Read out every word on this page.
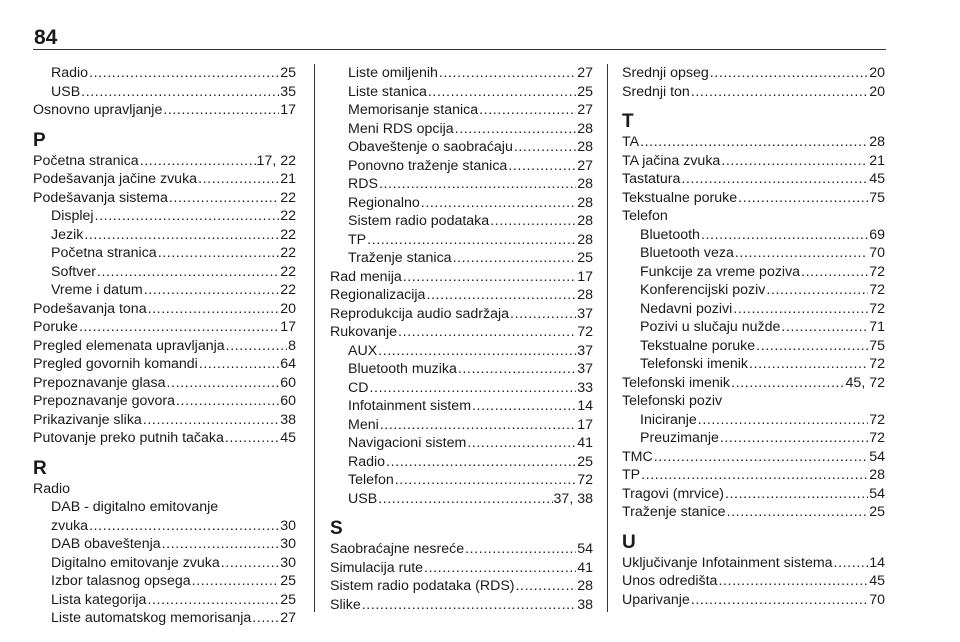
84
Radio .....	25
USB .....	35
Osnovno upravljanje .....	17
P
Početna stranica .....	17, 22
Podešavanja jačine zvuka .....	21
Podešavanja sistema .....	22
Displej .....	22
Jezik .....	22
Početna stranica .....	22
Softver .....	22
Vreme i datum .....	22
Podešavanja tona .....	20
Poruke .....	17
Pregled elemenata upravljanja .....	8
Pregled govornih komandi .....	64
Prepoznavanje glasa .....	60
Prepoznavanje govora .....	60
Prikazivanje slika .....	38
Putovanje preko putnih tačaka .....	45
R
Radio
DAB - digitalno emitovanje
zvuka .....	30
DAB obaveštenja .....	30
Digitalno emitovanje zvuka .....	30
Izbor talasnog opsega .....	25
Lista kategorija .....	25
Liste automatskog memorisanja ..... 27
Liste omiljenih .....	27
Liste stanica .....	25
Memorisanje stanica .....	27
Meni RDS opcija .....	28
Obaveštenje o saobraćaju .....	28
Ponovno traženje stanica .....	27
RDS .....	28
Regionalno .....	28
Sistem radio podataka .....	28
TP .....	28
Traženje stanica .....	25
Rad menija .....	17
Regionalizacija .....	28
Reprodukcija audio sadržaja .....	37
Rukovanje .....	72
AUX .....	37
Bluetooth muzika .....	37
CD .....	33
Infotainment sistem .....	14
Meni .....	17
Navigacioni sistem .....	41
Radio .....	25
Telefon .....	72
USB .....	37, 38
S
Saobraćajne nesreće .....	54
Simulacija rute .....	41
Sistem radio podataka (RDS) .....	28
Slike .....	38
Srednji opseg .....	20
Srednji ton .....	20
T
TA .....	28
TA jačina zvuka .....	21
Tastatura .....	45
Tekstualne poruke .....	75
Telefon
Bluetooth .....	69
Bluetooth veza .....	70
Funkcije za vreme poziva .....	72
Konferencijski poziv .....	72
Nedavni pozivi .....	72
Pozivi u slučaju nužde .....	71
Tekstualne poruke .....	75
Telefonski imenik .....	72
Telefonski imenik .....	45, 72
Telefonski poziv
Iniciranje .....	72
Preuzimanje .....	72
TMC .....	54
TP .....	28
Tragovi (mrvice) .....	54
Traženje stanice .....	25
U
Uključivanje Infotainment sistema .....	14
Unos odredišta .....	45
Uparivanje .....	70
